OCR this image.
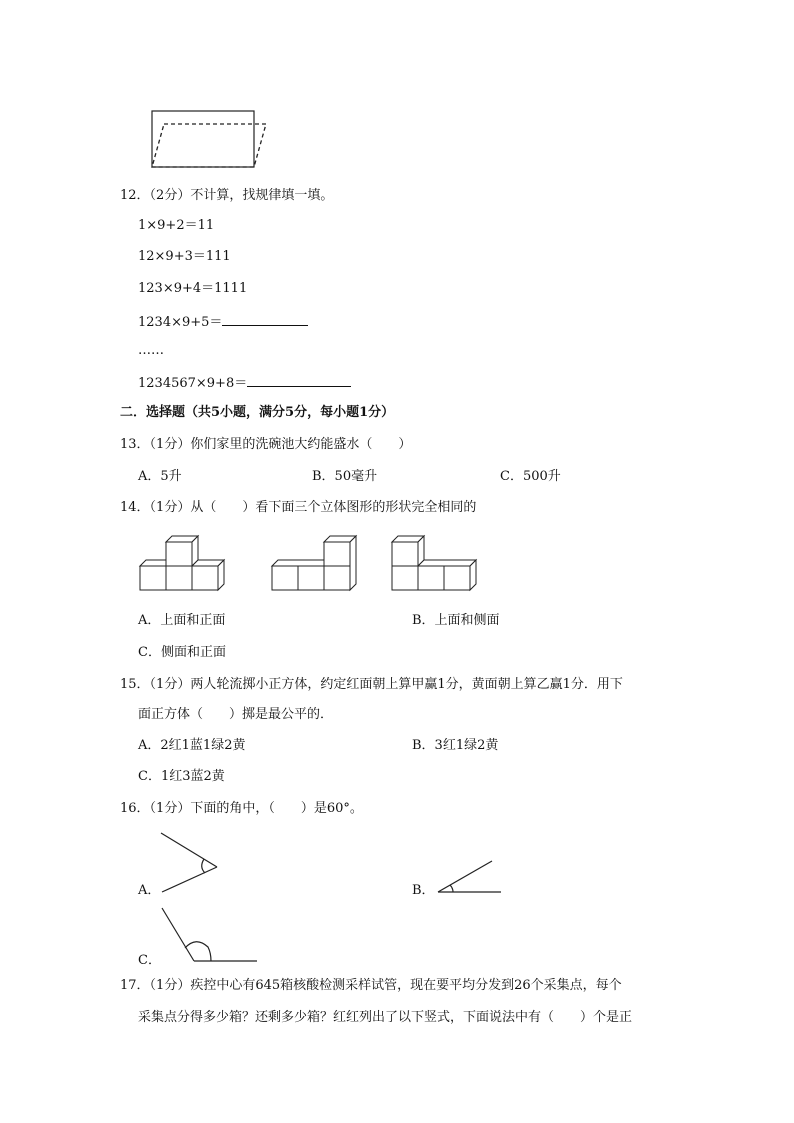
12．（2分）不计算，找规律填一填。
1×9+2＝11
12×9+3＝111
123×9+4＝1111
1234×9+5＝
……
1234567×9+8＝
二．选择题（共5小题，满分5分，每小题1分）
13．（1分）你们家里的洗碗池大约能盛水（　　）
A．5升	B．50毫升	C．500升
14．（1分）从（　　）看下面三个立体图形的形状完全相同的
A．上面和正面	B．上面和侧面
C．侧面和正面
15．（1分）两人轮流掷小正方体，约定红面朝上算甲赢1分，黄面朝上算乙赢1分．用下
面正方体（　　）掷是最公平的．
A．2红1蓝1绿2黄	B．3红1绿2黄
C．1红3蓝2黄
16．（1分）下面的角中，（　　）是60°。
A．	B．
C．
17．（1分）疾控中心有645箱核酸检测采样试管，现在要平均分发到26个采集点，每个
采集点分得多少箱？还剩多少箱？红红列出了以下竖式，下面说法中有（　　）个是正
